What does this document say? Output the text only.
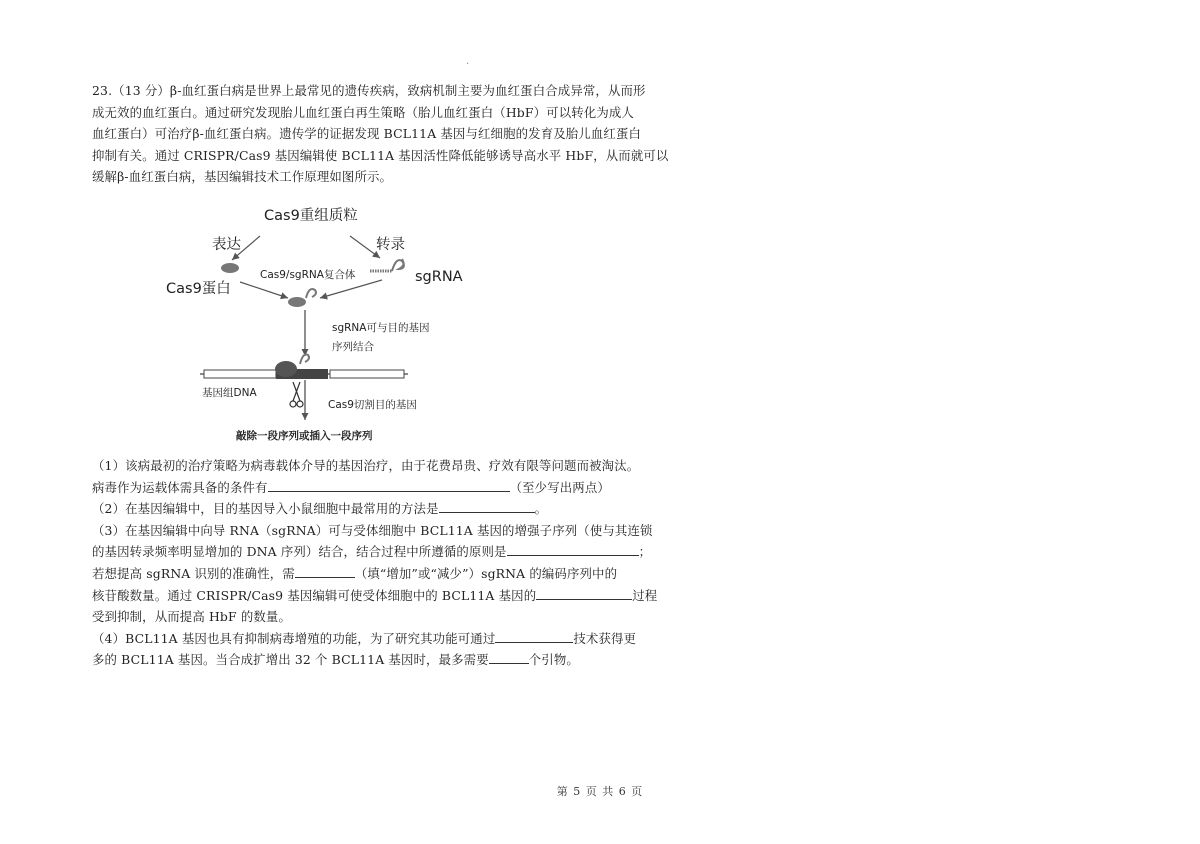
.
23.（13 分）β-血红蛋白病是世界上最常见的遗传疾病，致病机制主要为血红蛋白合成异常，从而形
成无效的血红蛋白。通过研究发现胎儿血红蛋白再生策略（胎儿血红蛋白（HbF）可以转化为成人
血红蛋白）可治疗β-血红蛋白病。遗传学的证据发现 BCL11A 基因与红细胞的发育及胎儿血红蛋白
抑制有关。通过 CRISPR/Cas9 基因编辑使 BCL11A 基因活性降低能够诱导高水平 HbF，从而就可以
缓解β-血红蛋白病，基因编辑技术工作原理如图所示。
Cas9重组质粒
表达	转录
Cas9蛋白
Cas9/sgRNA复合体	sgRNA
sgRNA可与目的基因
序列结合
基因组DNA
Cas9切割目的基因
敲除一段序列或插入一段序列
（1）该病最初的治疗策略为病毒载体介导的基因治疗，由于花费昂贵、疗效有限等问题而被淘汰。
病毒作为运载体需具备的条件有	（至少写出两点）
（2）在基因编辑中，目的基因导入小鼠细胞中最常用的方法是	。
（3）在基因编辑中向导 RNA（sgRNA）可与受体细胞中 BCL11A 基因的增强子序列（使与其连锁
的基因转录频率明显增加的 DNA 序列）结合，结合过程中所遵循的原则是	；
若想提高 sgRNA 识别的准确性，需	（填“增加”或“减少”）sgRNA 的编码序列中的
核苷酸数量。通过 CRISPR/Cas9 基因编辑可使受体细胞中的 BCL11A 基因的	过程
受到抑制，从而提高 HbF 的数量。
（4）BCL11A 基因也具有抑制病毒增殖的功能，为了研究其功能可通过	技术获得更
多的 BCL11A 基因。当合成扩增出 32 个 BCL11A 基因时，最多需要	个引物。
第 5 页 共 6 页
